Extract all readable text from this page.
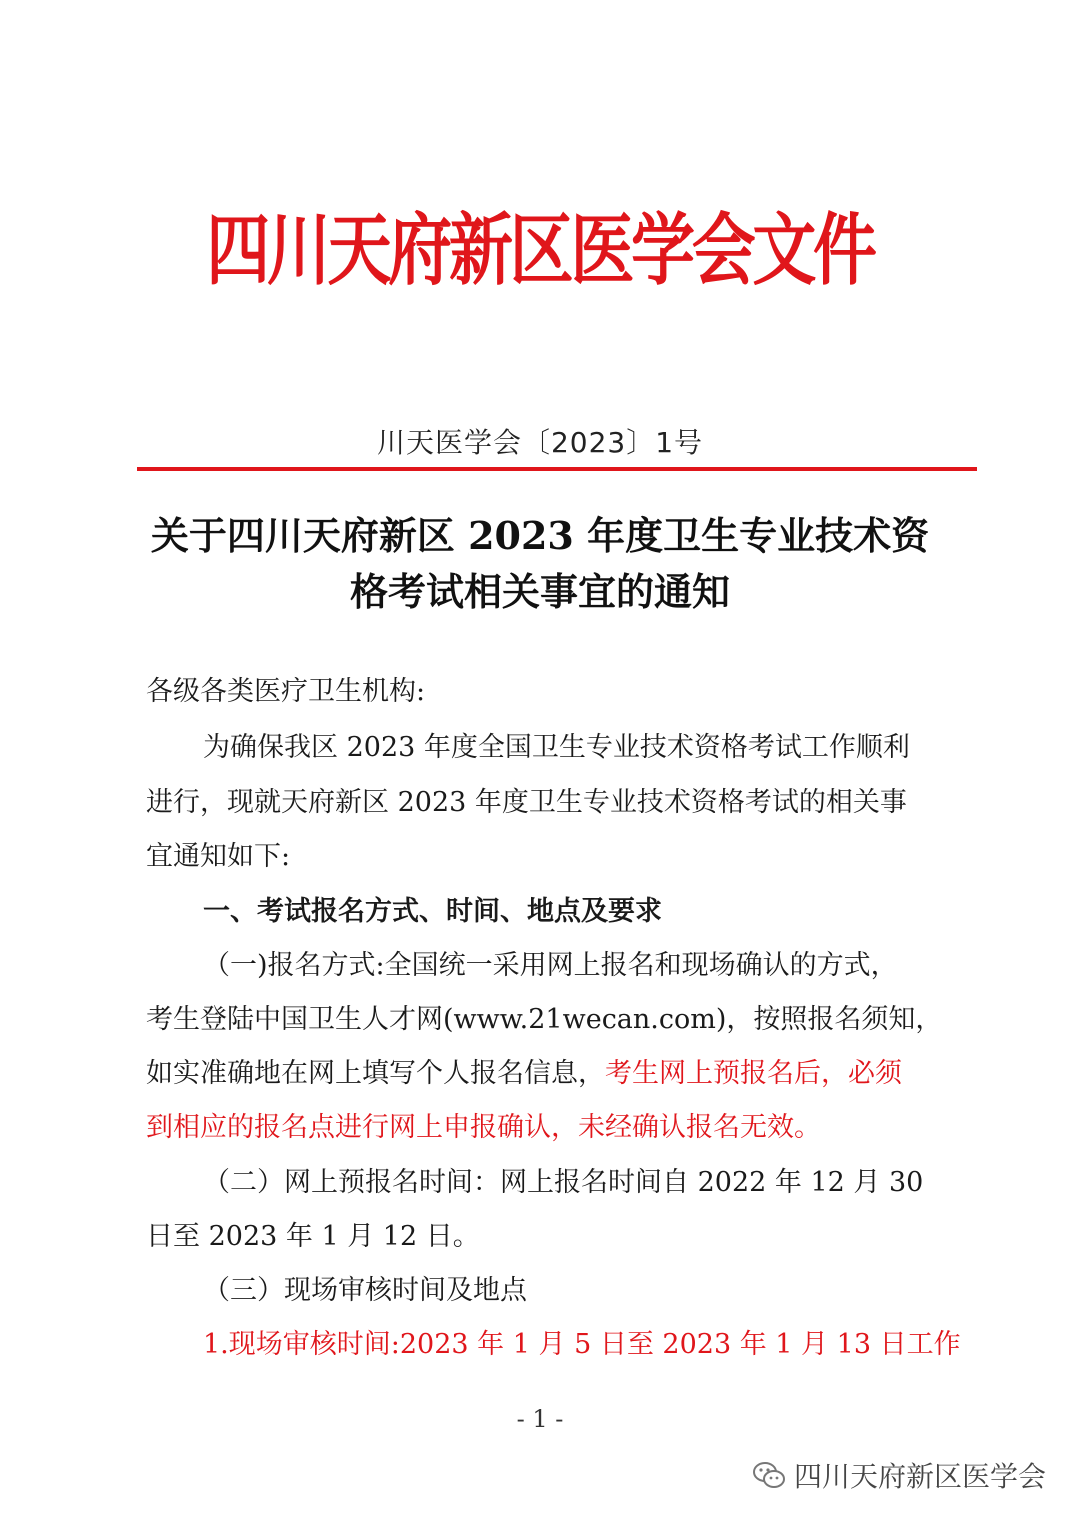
四川天府新区医学会文件
川天医学会〔2023〕1号
关于四川天府新区 2023 年度卫生专业技术资
格考试相关事宜的通知
各级各类医疗卫生机构:
为确保我区 2023 年度全国卫生专业技术资格考试工作顺利
进行，现就天府新区 2023 年度卫生专业技术资格考试的相关事
宜通知如下:
一、考试报名方式、时间、地点及要求
（一)报名方式:全国统一采用网上报名和现场确认的方式，
考生登陆中国卫生人才网(www.21wecan.com)，按照报名须知，
如实准确地在网上填写个人报名信息，考生网上预报名后，必须
到相应的报名点进行网上申报确认，未经确认报名无效。
（二）网上预报名时间：网上报名时间自 2022 年 12 月 30
日至 2023 年 1 月 12 日。
（三）现场审核时间及地点
1.现场审核时间:2023 年 1 月 5 日至 2023 年 1 月 13 日工作
- 1 -
四川天府新区医学会
